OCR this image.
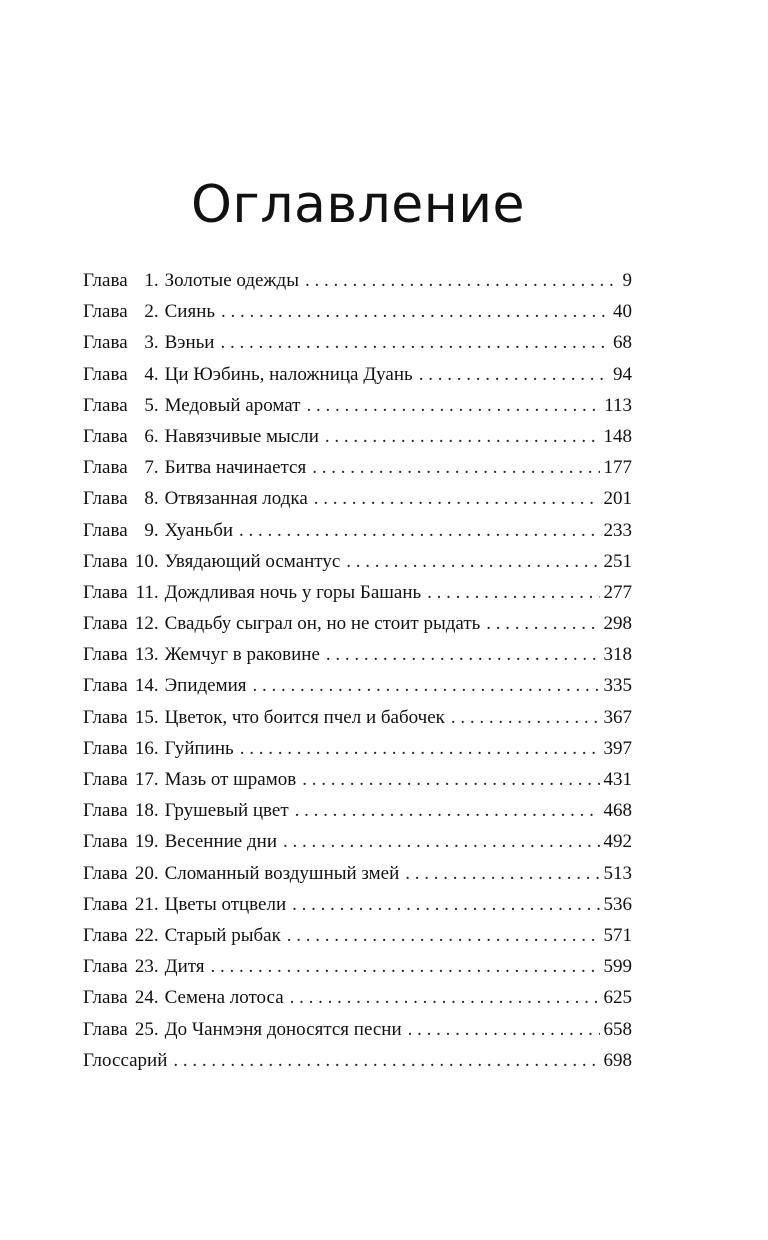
Оглавление
Глава 1. Золотые одежды . . .	9
Глава 2. Сиянь . . .	40
Глава 3. Вэньи . . .	68
Глава 4. Ци Юэбинь, наложница Дуань . . .	94
Глава 5. Медовый аромат . . .	113
Глава 6. Навязчивые мысли . . .	148
Глава 7. Битва начинается . . .	177
Глава 8. Отвязанная лодка . . .	201
Глава 9. Хуаньби . . .	233
Глава 10. Увядающий османтус . . .	251
Глава 11. Дождливая ночь у горы Башань . . .	277
Глава 12. Свадьбу сыграл он, но не стоит рыдать . . .	298
Глава 13. Жемчуг в раковине . . .	318
Глава 14. Эпидемия . . .	335
Глава 15. Цветок, что боится пчел и бабочек . . .	367
Глава 16. Гуйпинь . . .	397
Глава 17. Мазь от шрамов . . .	431
Глава 18. Грушевый цвет . . .	468
Глава 19. Весенние дни . . .	492
Глава 20. Сломанный воздушный змей . . .	513
Глава 21. Цветы отцвели . . .	536
Глава 22. Старый рыбак . . .	571
Глава 23. Дитя . . .	599
Глава 24. Семена лотоса . . .	625
Глава 25. До Чанмэня доносятся песни . . .	658
Глоссарий . . .	698
